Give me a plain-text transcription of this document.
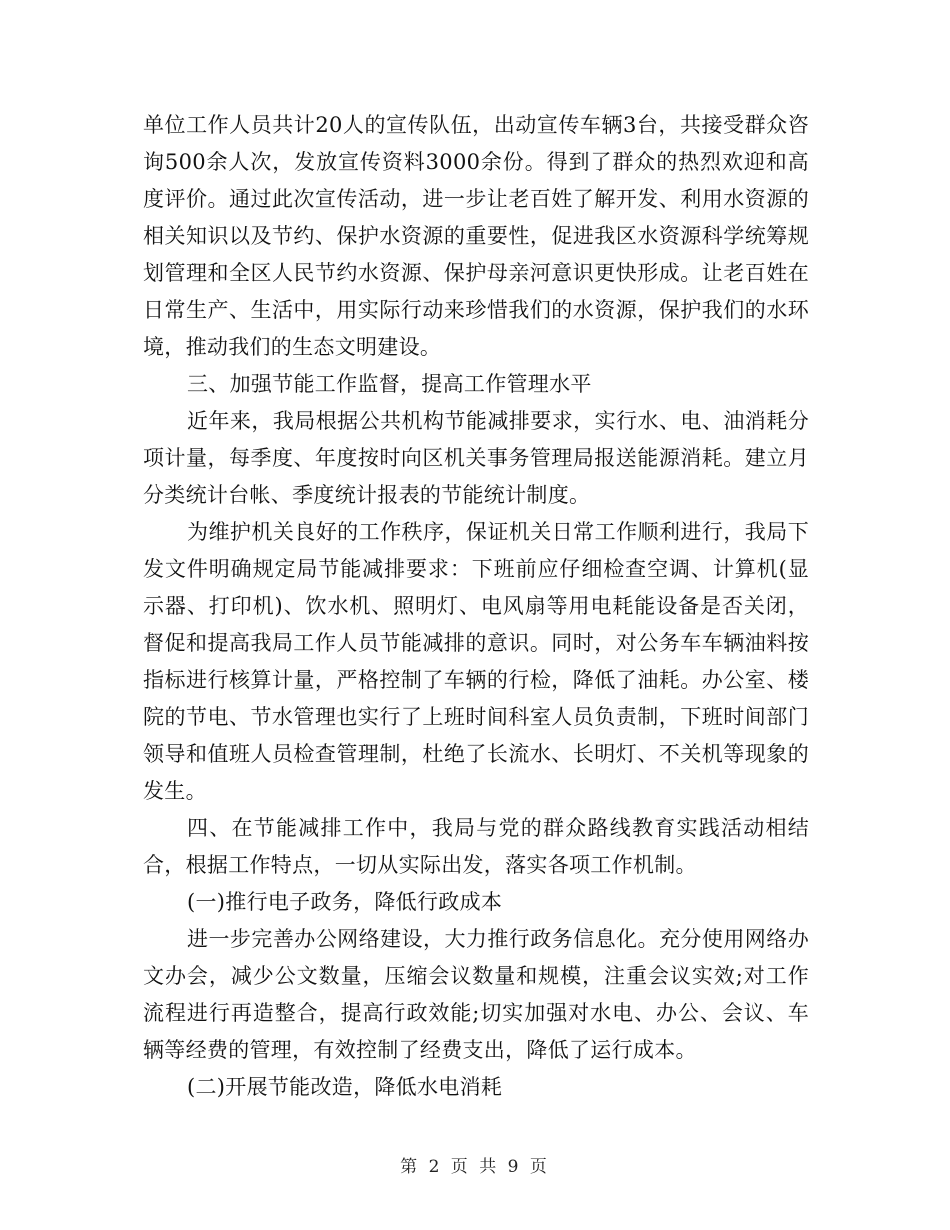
单位工作人员共计20人的宣传队伍，出动宣传车辆3台，共接受群众咨询500余人次，发放宣传资料3000余份。得到了群众的热烈欢迎和高度评价。通过此次宣传活动，进一步让老百姓了解开发、利用水资源的相关知识以及节约、保护水资源的重要性，促进我区水资源科学统筹规划管理和全区人民节约水资源、保护母亲河意识更快形成。让老百姓在日常生产、生活中，用实际行动来珍惜我们的水资源，保护我们的水环境，推动我们的生态文明建设。

三、加强节能工作监督，提高工作管理水平

近年来，我局根据公共机构节能减排要求，实行水、电、油消耗分项计量，每季度、年度按时向区机关事务管理局报送能源消耗。建立月分类统计台帐、季度统计报表的节能统计制度。

为维护机关良好的工作秩序，保证机关日常工作顺利进行，我局下发文件明确规定局节能减排要求：下班前应仔细检查空调、计算机(显示器、打印机)、饮水机、照明灯、电风扇等用电耗能设备是否关闭，督促和提高我局工作人员节能减排的意识。同时，对公务车车辆油料按指标进行核算计量，严格控制了车辆的行检，降低了油耗。办公室、楼院的节电、节水管理也实行了上班时间科室人员负责制，下班时间部门领导和值班人员检查管理制，杜绝了长流水、长明灯、不关机等现象的发生。

四、在节能减排工作中，我局与党的群众路线教育实践活动相结合，根据工作特点，一切从实际出发，落实各项工作机制。

(一)推行电子政务，降低行政成本

进一步完善办公网络建设，大力推行政务信息化。充分使用网络办文办会，减少公文数量，压缩会议数量和规模，注重会议实效;对工作流程进行再造整合，提高行政效能;切实加强对水电、办公、会议、车辆等经费的管理，有效控制了经费支出，降低了运行成本。

(二)开展节能改造，降低水电消耗

第 2 页 共 9 页
